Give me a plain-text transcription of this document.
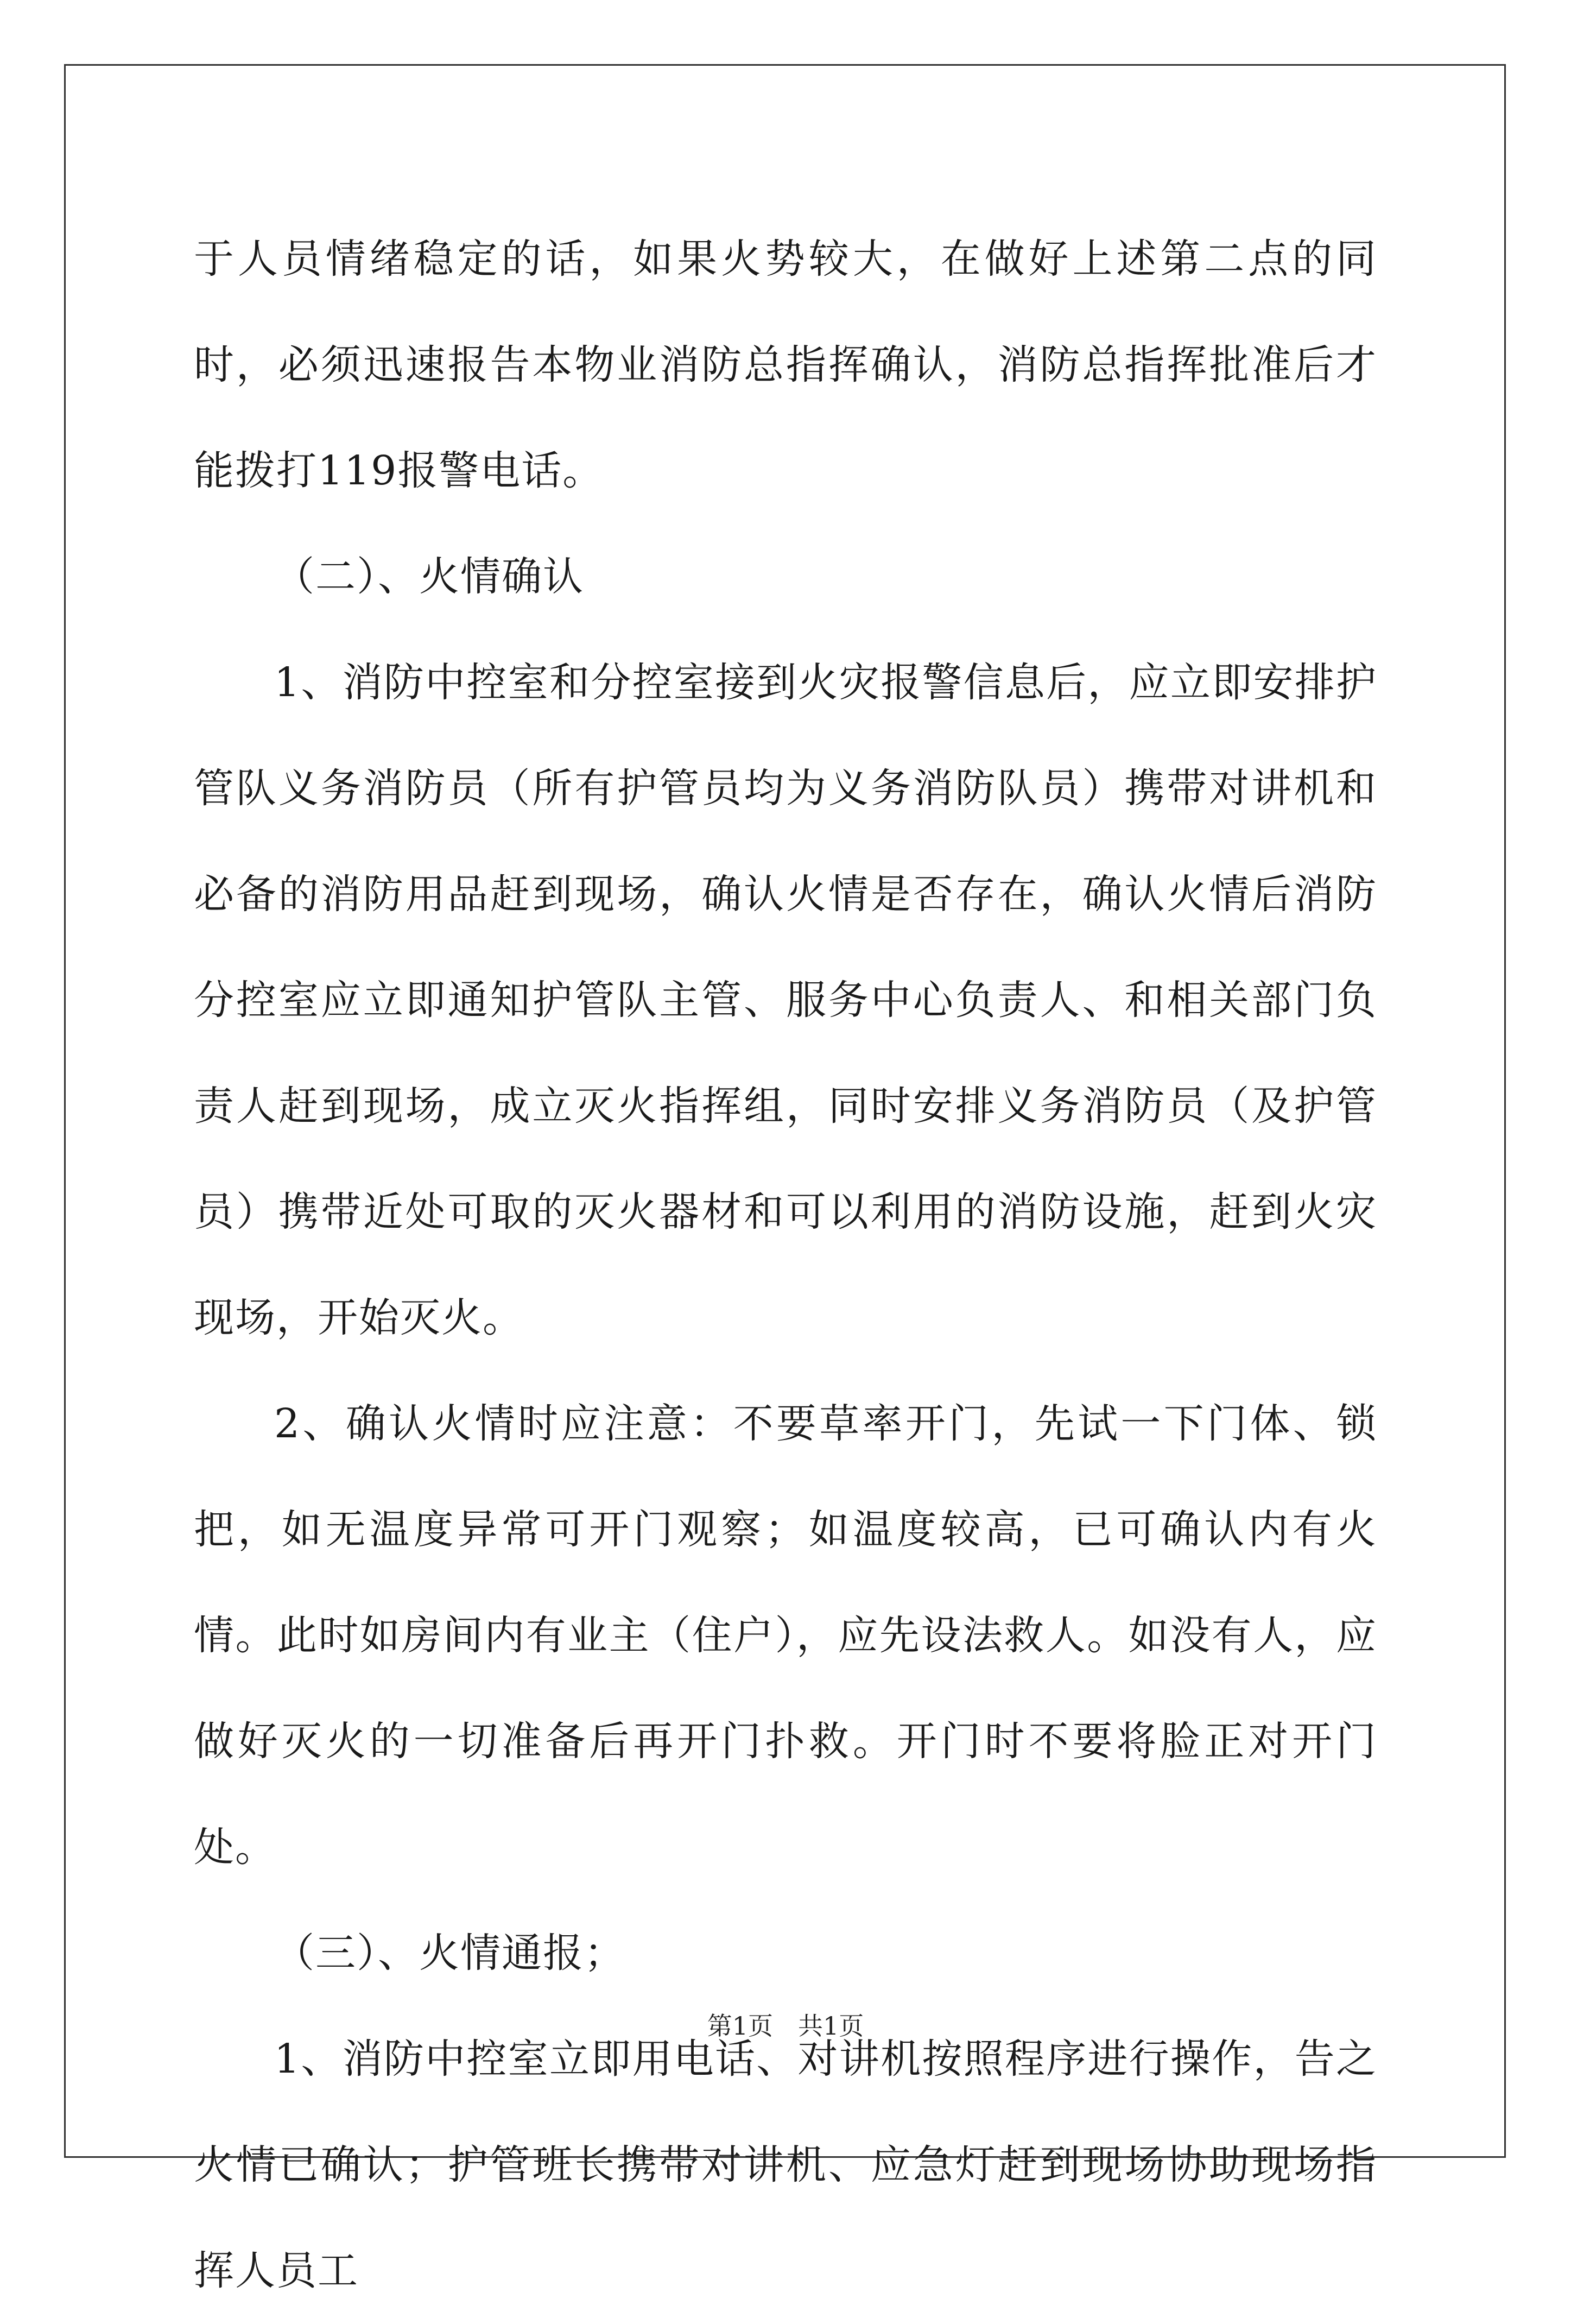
于人员情绪稳定的话，如果火势较大，在做好上述第二点的同时，必须迅速报告本物业消防总指挥确认，消防总指挥批准后才能拨打119报警电话。

（二）、火情确认

1、消防中控室和分控室接到火灾报警信息后，应立即安排护管队义务消防员（所有护管员均为义务消防队员）携带对讲机和必备的消防用品赶到现场，确认火情是否存在，确认火情后消防分控室应立即通知护管队主管、服务中心负责人、和相关部门负责人赶到现场，成立灭火指挥组，同时安排义务消防员（及护管员）携带近处可取的灭火器材和可以利用的消防设施，赶到火灾现场，开始灭火。

2、确认火情时应注意：不要草率开门，先试一下门体、锁把，如无温度异常可开门观察；如温度较高，已可确认内有火情。此时如房间内有业主（住户），应先设法救人。如没有人，应做好灭火的一切准备后再开门扑救。开门时不要将脸正对开门处。

（三）、火情通报；

1、消防中控室立即用电话、对讲机按照程序进行操作，告之火情已确认；护管班长携带对讲机、应急灯赶到现场协助现场指挥人员工

第1页　共1页
